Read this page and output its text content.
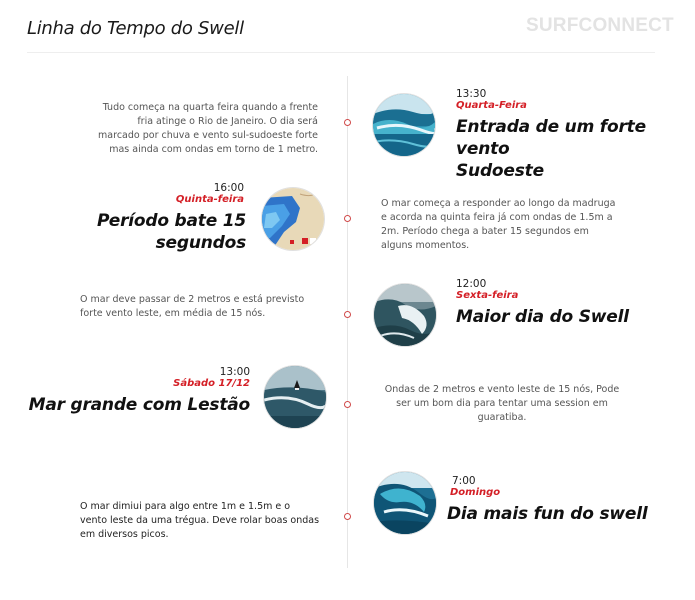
Linha do Tempo do Swell	SURFCONNECT
Tudo começa na quarta feira quando a frente fria atinge o Rio de Janeiro. O dia será marcado por chuva e vento sul-sudoeste forte mas ainda com ondas em torno de 1 metro.
13:30
Quarta-Feira
Entrada de um forte vento
Sudoeste
16:00
Quinta-feira
Período bate 15 segundos
O mar começa a responder ao longo da madruga e acorda na quinta feira já com ondas de 1.5m a 2m. Período chega a bater 15 segundos em alguns momentos.
O mar deve passar de 2 metros e está previsto forte vento leste, em média de 15 nós.
12:00
Sexta-feira
Maior dia do Swell
13:00
Sábado 17/12
Mar grande com Lestão
Ondas de 2 metros e vento leste de 15 nós, Pode ser um bom dia para tentar uma session em guaratiba.
O mar dimiui para algo entre 1m e 1.5m e o vento leste da uma trégua. Deve rolar boas ondas em diversos picos.
7:00
Domingo
Dia mais fun do swell
